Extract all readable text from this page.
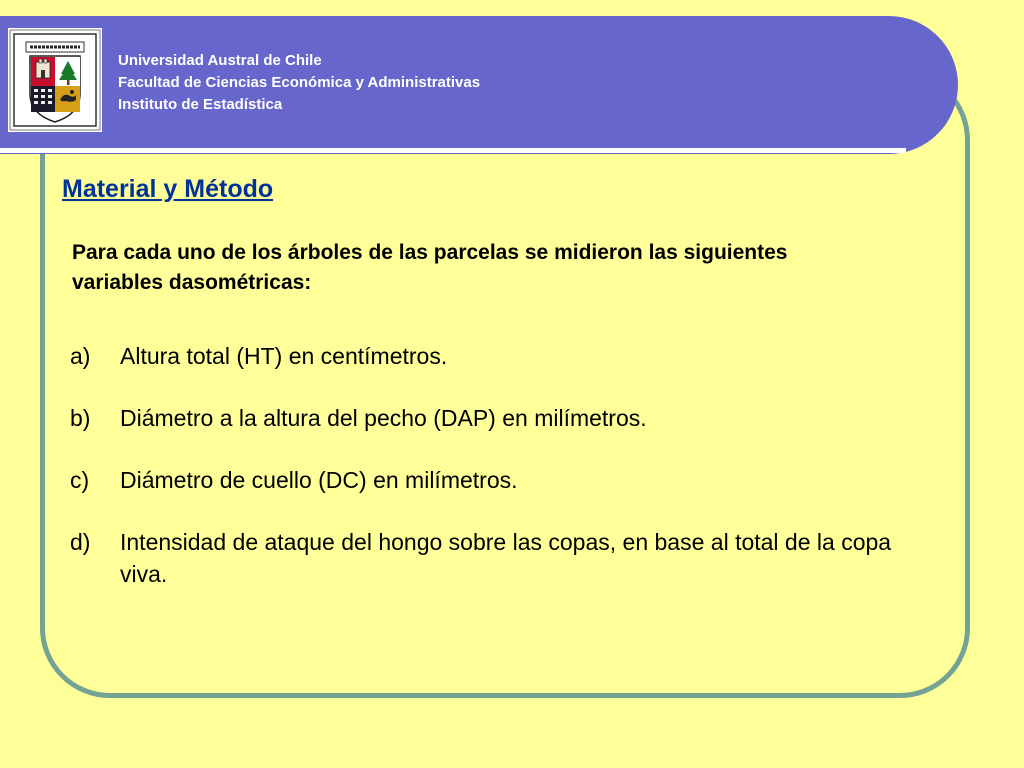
Universidad Austral de Chile
Facultad de Ciencias Económica y Administrativas
Instituto de Estadística
Material y Método
Para cada uno de los árboles de las parcelas se midieron las siguientes variables dasométricas:
a)	Altura total (HT) en centímetros.
b)	Diámetro a la altura del pecho (DAP) en milímetros.
c)	Diámetro de cuello (DC) en milímetros.
d)	Intensidad de ataque del hongo sobre las copas, en base al total de la copa viva.
